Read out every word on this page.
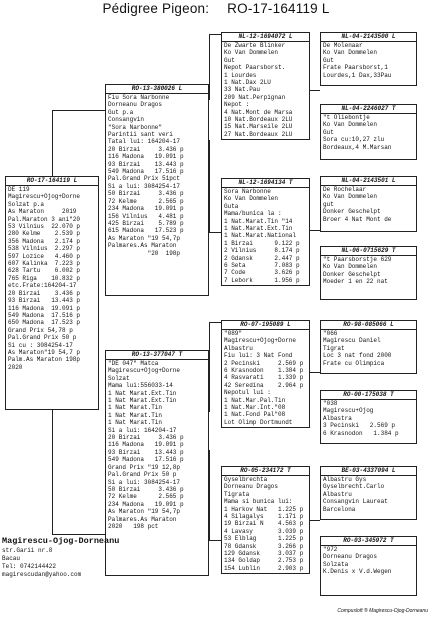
Pédigree Pigeon: RO-17-164119 L
RO-17-164119 L
DE 119
Magirescu+Ojog+Dorne
Solzat p.a
As Maraton     2019
Pal.Maraton 3 ani"20
53 Vilnius  22.070 p
280 Kelme    2.539 p
356 Madona   2.174 p
538 Vilnius  2.297 p
597 Lozice   4.460 p
607 Kalinka  7.223 p
628 Tartu    6.002 p
765 Riga    10.832 p
etc.Frate:164204-17
20 Birzai    3.436 p
93 Birzai   13.443 p
116 Madona  19.091 p
549 Madona  17.516 p
650 Madona  17.523 p
Grand Prix 54,78 p
Pal.Grand Prix 50 p
Si cu : 3084254-17
As Maraton"19 54,7 p
Palm.As Maraton 198p
2020
RO-13-380026 L
Fiu Sora Narbonne
Dorneanu Dragos
Gut p.a
Consangvin
"Sora Narbonne"
Parintii sant veri
Tatal lui: 164204-17
20 Birzai     3.436 p
116 Madona   19.091 p
93 Birzai    13.443 p
549 Madona   17.516 p
Pal.Grand Prix 51pct
Si a lui: 3084254-17
50 Birzai     3.436 p
72 Kelme      2.565 p
234 Madona   19.091 p
156 Vilnius   4.481 p
425 Birzai    5.789 p
615 Madona   17.523 p
As Maraton "19 54,7p
Palmares.As Maraton
"20  198p
RO-13-377047 T
"DE 047" Matca
Magirescu+Ojog+Dorne
Solzat
Mama lui:556033-14
1 Nat Marat.Ext.Tin
1 Nat Marat.Ext.Tin
1 Nat Marat.Tin
1 Nat Marat.Tin
1 Nat Marat.Tin
Si a lui: 164204-17
20 Birzai     3.436 p
116 Madona   19.091 p
93 Birzai    13.443 p
549 Madona   17.516 p
Grand Prix "19 12,8p
Pal.Grand Prix 50 p
Si a lui: 3084254-17
50 Birzai     3.436 p
72 Kelme      2.565 p
234 Madona   19.091 p
As Maraton "19 54,7p
Palmares.As Maraton
2020   198 pct
NL-12-1694072 L
De Zwarte Blinker
Ko Van Dommelen
Gut
Nepot Paarsborst.
1 Lourdes
1 Nat.Dax 2LU
33 Nat.Pau
209 Nat.Perpignan
Nepot :
4 Nat.Mont de Marsa
10 Nat.Bordeaux 2LU
15 Nat.Marseile 2LU
27 Nat.Bordeaux 2LU
NL-12-1694134 T
Sora Narbonne
Ko Van Dommelen
Guta
Mama/bunica la :
1 Nat.Marat.Tin "14
1 Nat.Marat.Ext.Tin
1 Nat.Marat.National
1 Birzai      9.122 p
2 Vilnius     8.174 p
2 Gdansk      2.447 p
6 Seta        7.083 p
7 Code        3.626 p
7 Lebork      1.956 p
RO-07-195089 L
"089"
Magirescu+Ojog+Dorne
Albastru
Fiu lui: 3 Nat Fond
2 Pecinski     2.569 p
6 Krasnodon    1.384 p
4 Rasvarati    1.339 p
42 Seredina    2.964 p
Nepotul lui :
1 Nat.Mar.Pal.Tin
1 Nat.Mar.Int."08
1 Nat.Fond Pal"08
Lot Olimp Dortmundt
RO-05-234172 T
Gyselbrechta
Dorneanu Dragos
Tigrata
Mama si bunica lui:
1 Harkov Nat   1.225 p
4 Silagalys    1.171 p
19 Birzai N    4.563 p
4 Lavasy       3.039 p
53 Elblag      1.225 p
78 Gdansk      3.266 p
129 Gdansk     3.037 p
134 Goldap     2.753 p
154 Lublin     2.903 p
NL-04-2143500 L
De Molenaar
Ko Van Dommelen
Gut
Frate Paarsborst,1
Lourdes,1 Dax,33Pau
NL-04-2246027 T
"t Oliebontje
Ko Van Dommelen
Gut
Sora cu:10,27 zlu
Bordeaux,4 M.Marsan
NL-04-2143501 L
De Rochelaar
Ko Van Dommelen
gut
Donker Geschelpt
Broer 4 Nat Mont de
NL-06-0715629 T
"t Paarsborstje 629
Ko Van Dommelen
Donker Geschelpt
Moeder 1 en 22 nat
RO-98-085066 L
"066
Magirescu Daniel
Tigrat
Loc 3 nat fond 2000
Frate cu Olimpica
RO-00-175038 T
"038
Magirescu+Ojog
Albastra
3 Pecinski   2.569 p
6 Krasnodon   1.384 p
BE-03-4337094 L
Albastru Gys
Gyselbrecht.Carlo
Albastru
Consangvin Laureat
Barcelona
RO-03-345972 T
"972
Dorneanu Dragos
Solzata
K.Denis x V.d.Wegen
Magirescu-Ojog-Dorneanu
str.Garii nr.8
Bacau
Tel: 0742144422
magirescudan@yahoo.com
Compusloft ® Magirescu-Ojog-Dorneanu
